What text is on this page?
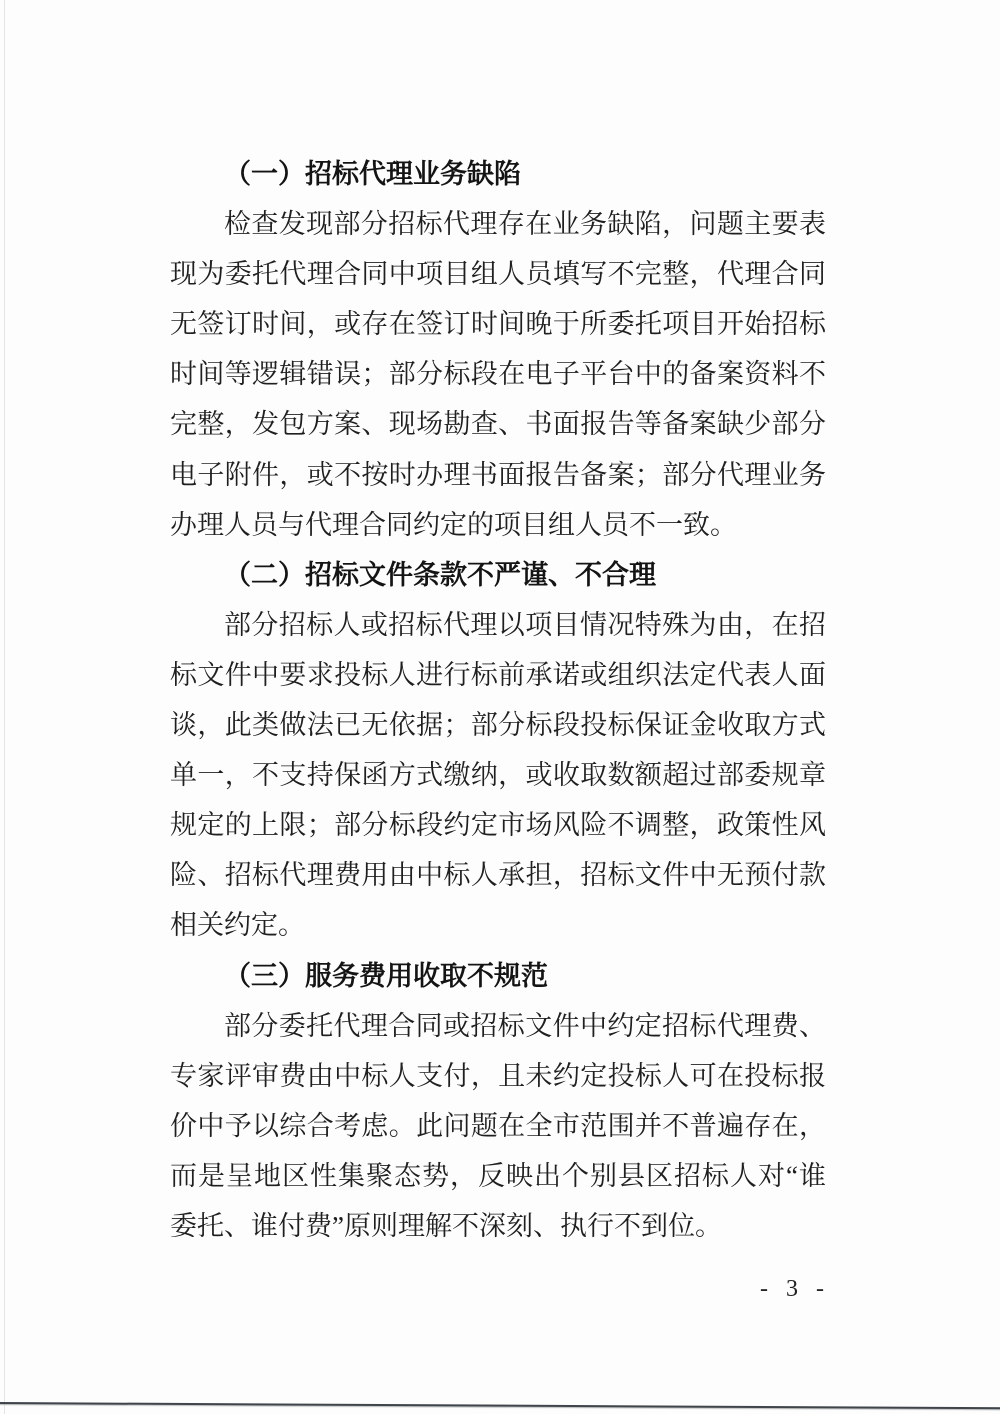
（一）招标代理业务缺陷
检查发现部分招标代理存在业务缺陷，问题主要表
现为委托代理合同中项目组人员填写不完整，代理合同
无签订时间，或存在签订时间晚于所委托项目开始招标
时间等逻辑错误；部分标段在电子平台中的备案资料不
完整，发包方案、现场勘查、书面报告等备案缺少部分
电子附件，或不按时办理书面报告备案；部分代理业务
办理人员与代理合同约定的项目组人员不一致。
（二）招标文件条款不严谨、不合理
部分招标人或招标代理以项目情况特殊为由，在招
标文件中要求投标人进行标前承诺或组织法定代表人面
谈，此类做法已无依据；部分标段投标保证金收取方式
单一，不支持保函方式缴纳，或收取数额超过部委规章
规定的上限；部分标段约定市场风险不调整，政策性风
险、招标代理费用由中标人承担，招标文件中无预付款
相关约定。
（三）服务费用收取不规范
部分委托代理合同或招标文件中约定招标代理费、
专家评审费由中标人支付，且未约定投标人可在投标报
价中予以综合考虑。此问题在全市范围并不普遍存在，
而是呈地区性集聚态势，反映出个别县区招标人对“谁
委托、谁付费”原则理解不深刻、执行不到位。
- 3 -
